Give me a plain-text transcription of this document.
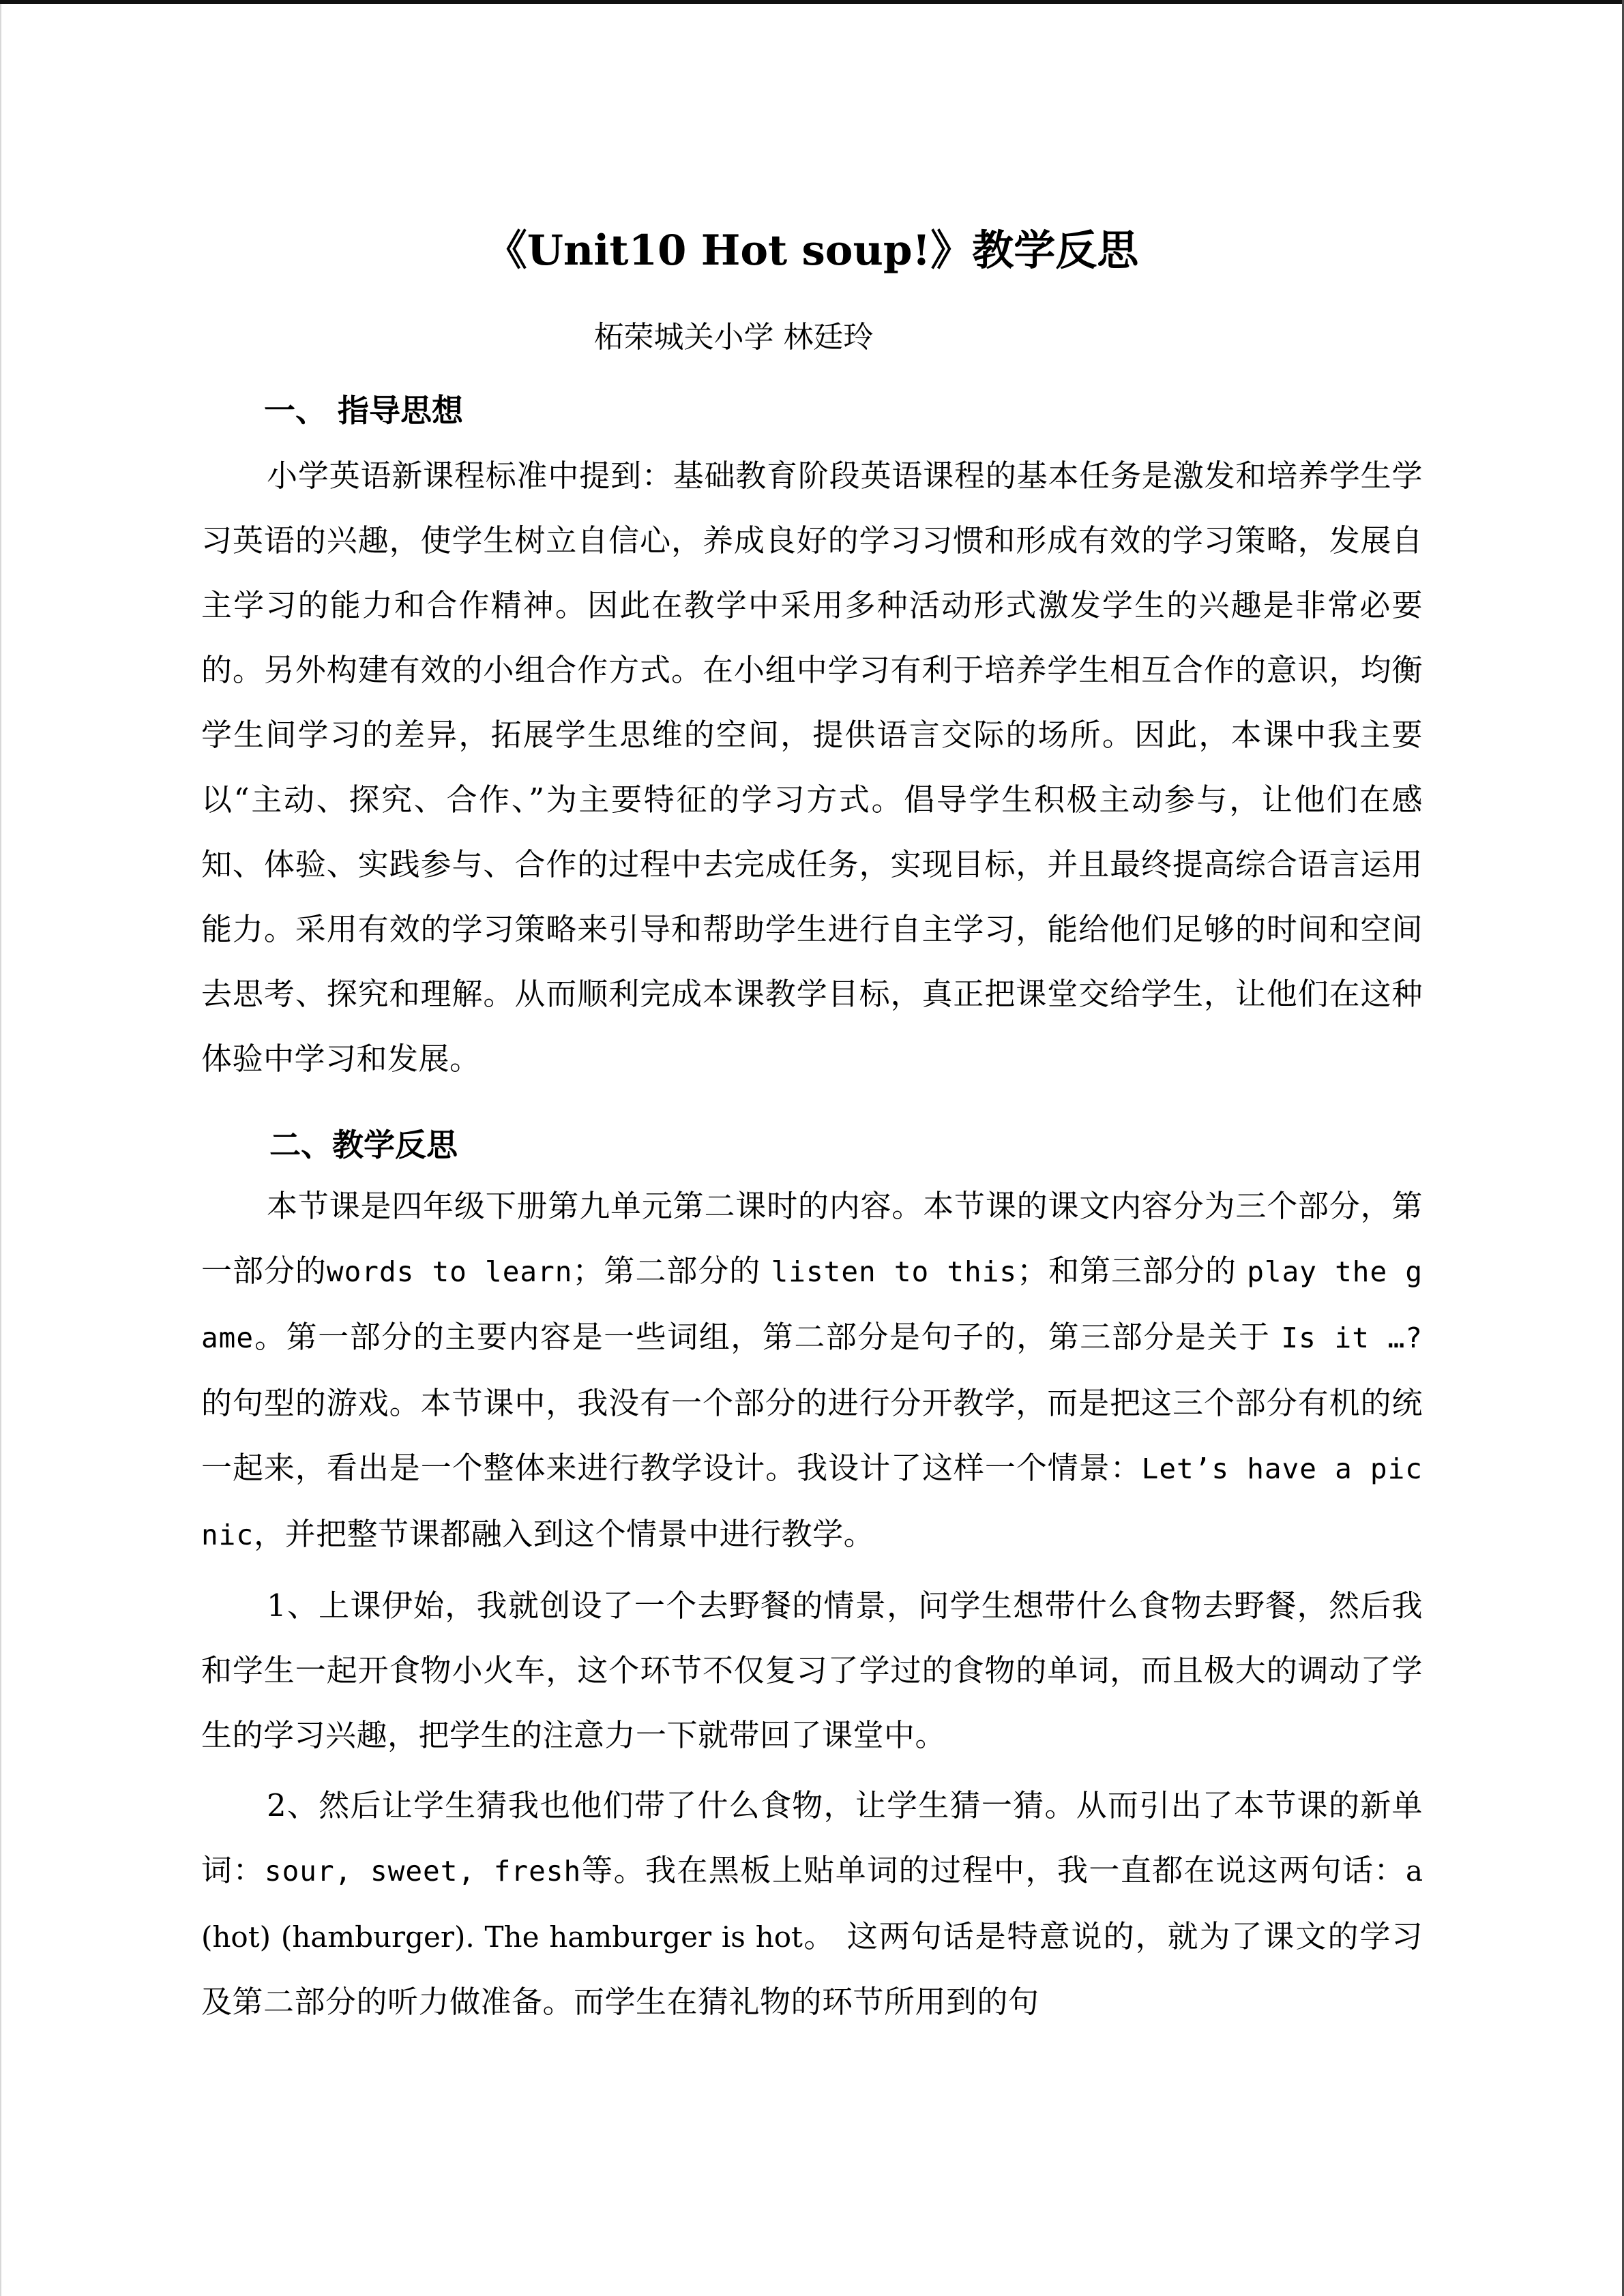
《Unit10 Hot soup!》教学反思
柘荣城关小学 林廷玲
一、 指导思想

小学英语新课程标准中提到：基础教育阶段英语课程的基本任务是激发和培养学生学习英语的兴趣，使学生树立自信心，养成良好的学习习惯和形成有效的学习策略，发展自主学习的能力和合作精神。因此在教学中采用多种活动形式激发学生的兴趣是非常必要的。另外构建有效的小组合作方式。在小组中学习有利于培养学生相互合作的意识，均衡学生间学习的差异，拓展学生思维的空间，提供语言交际的场所。因此，本课中我主要以“主动、探究、合作、”为主要特征的学习方式。倡导学生积极主动参与，让他们在感知、体验、实践参与、合作的过程中去完成任务，实现目标，并且最终提高综合语言运用能力。采用有效的学习策略来引导和帮助学生进行自主学习，能给他们足够的时间和空间去思考、探究和理解。从而顺利完成本课教学目标，真正把课堂交给学生，让他们在这种体验中学习和发展。

二、教学反思

本节课是四年级下册第九单元第二课时的内容。本节课的课文内容分为三个部分，第一部分的words to learn；第二部分的 listen to this；和第三部分的 play the game。第一部分的主要内容是一些词组，第二部分是句子的，第三部分是关于 Is it …? 的句型的游戏。本节课中，我没有一个部分的进行分开教学，而是把这三个部分有机的统一起来，看出是一个整体来进行教学设计。我设计了这样一个情景：Let’s have a picnic，并把整节课都融入到这个情景中进行教学。

1、上课伊始，我就创设了一个去野餐的情景，问学生想带什么食物去野餐，然后我和学生一起开食物小火车，这个环节不仅复习了学过的食物的单词，而且极大的调动了学生的学习兴趣，把学生的注意力一下就带回了课堂中。

2、然后让学生猜我也他们带了什么食物，让学生猜一猜。从而引出了本节课的新单词：sour, sweet, fresh等。我在黑板上贴单词的过程中，我一直都在说这两句话：a (hot) (hamburger). The hamburger is hot。 这两句话是特意说的，就为了课文的学习及第二部分的听力做准备。而学生在猜礼物的环节所用到的句
